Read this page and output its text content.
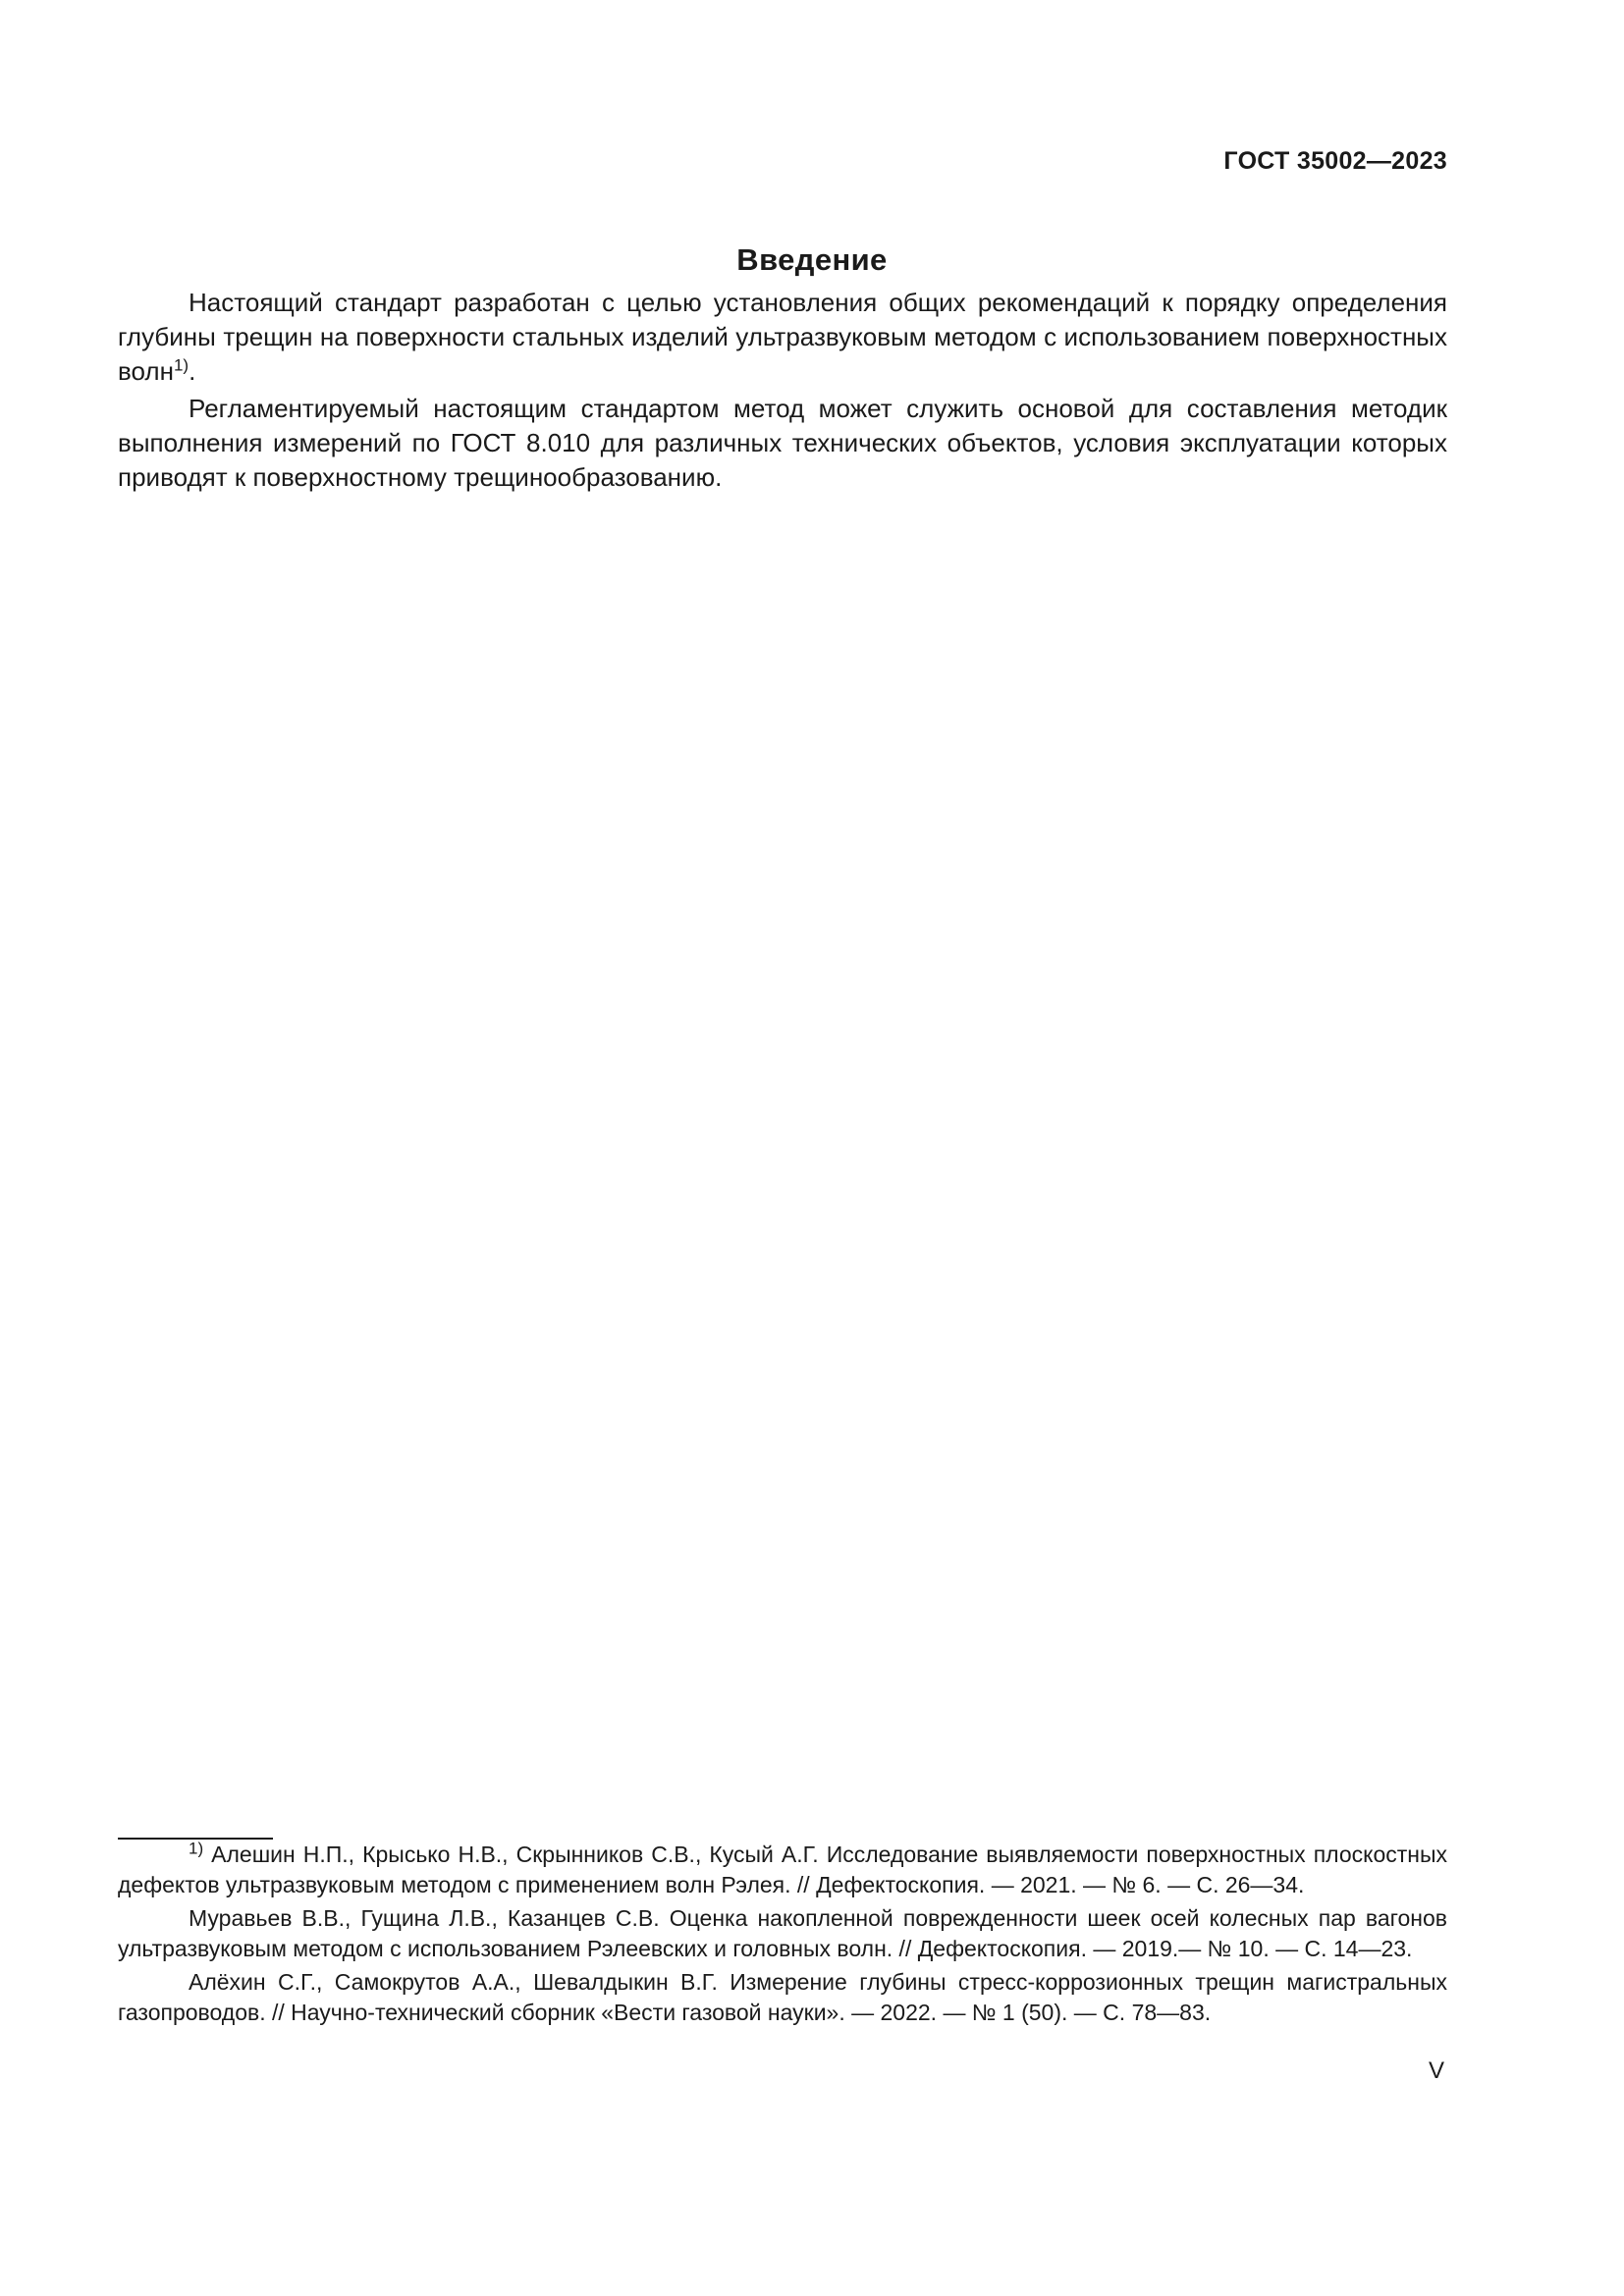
ГОСТ 35002—2023
Введение

Настоящий стандарт разработан с целью установления общих рекомендаций к порядку определения глубины трещин на поверхности стальных изделий ультразвуковым методом с использованием поверхностных волн$^{1)}$.

Регламентируемый настоящим стандартом метод может служить основой для составления методик выполнения измерений по ГОСТ 8.010 для различных технических объектов, условия эксплуатации которых приводят к поверхностному трещинообразованию.

$^{1)}$ Алешин Н.П., Крысько Н.В., Скрынников С.В., Кусый А.Г. Исследование выявляемости поверхностных плоскостных дефектов ультразвуковым методом с применением волн Рэлея. // Дефектоскопия. — 2021. — № 6. — С. 26—34.

Муравьев В.В., Гущина Л.В., Казанцев С.В. Оценка накопленной поврежденности шеек осей колесных пар вагонов ультразвуковым методом с использованием Рэлеевских и головных волн. // Дефектоскопия. — 2019.— № 10. — С. 14—23.

Алёхин С.Г., Самокрутов А.А., Шевалдыкин В.Г. Измерение глубины стресс-коррозионных трещин магистральных газопроводов. // Научно-технический сборник «Вести газовой науки». — 2022. — № 1 (50). — С. 78—83.

V
